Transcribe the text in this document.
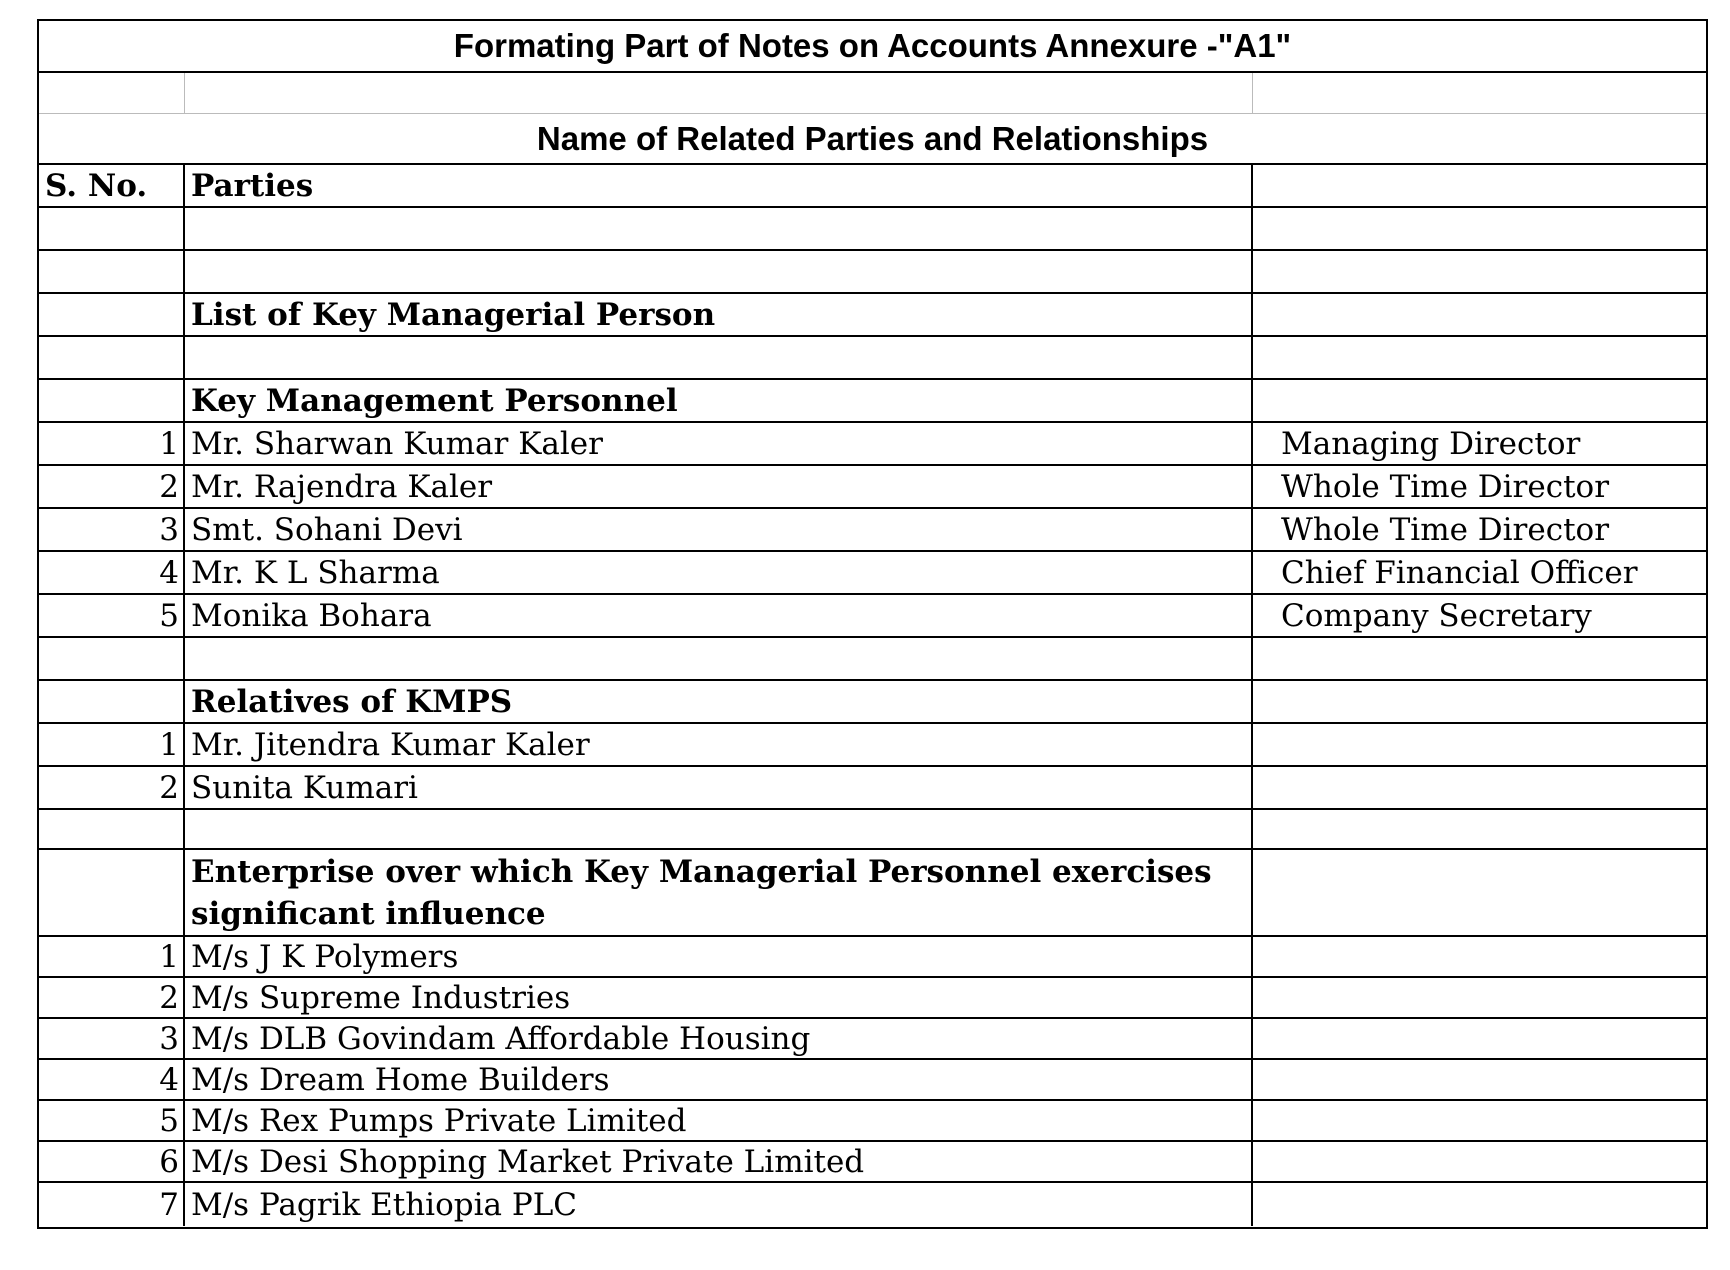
Formating Part of Notes on Accounts Annexure -"A1"
Name of Related Parties and Relationships
S. No.	Parties
List of Key Managerial Person
Key Management Personnel
1 Mr. Sharwan Kumar Kaler	Managing Director
2 Mr. Rajendra Kaler	Whole Time Director
3 Smt. Sohani Devi	Whole Time Director
4 Mr. K L Sharma	Chief Financial Officer
5 Monika Bohara	Company Secretary
Relatives of KMPS
1 Mr. Jitendra Kumar Kaler
2 Sunita Kumari
Enterprise over which Key Managerial Personnel exercises significant influence
1 M/s J K Polymers
2 M/s Supreme Industries
3 M/s DLB Govindam Affordable Housing
4 M/s Dream Home Builders
5 M/s Rex Pumps Private Limited
6 M/s Desi Shopping Market Private Limited
7 M/s Pagrik Ethiopia PLC
